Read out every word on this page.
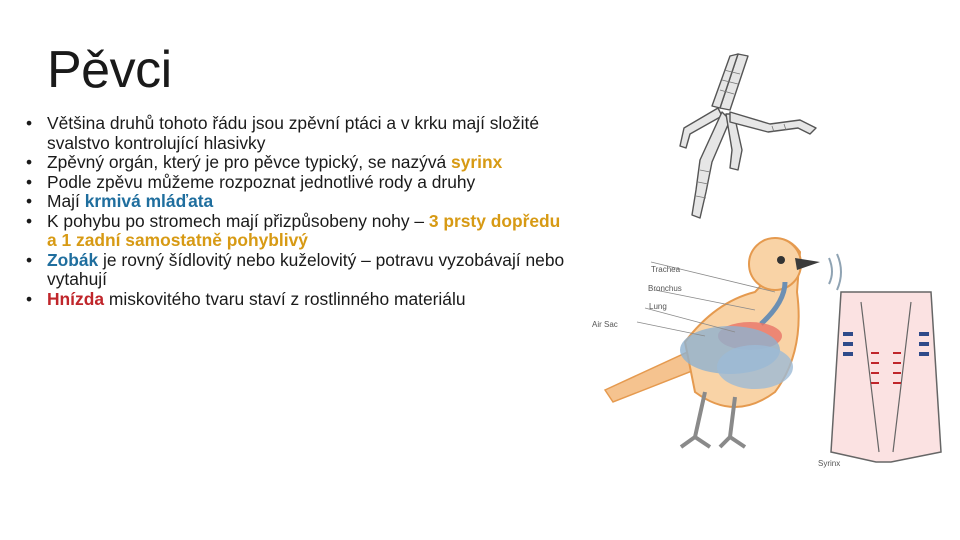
Pěvci
• Většina druhů tohoto řádu jsou zpěvní ptáci a v krku mají složité svalstvo kontrolující hlasivky
• Zpěvný orgán, který je pro pěvce typický, se nazývá syrinx
• Podle zpěvu můžeme rozpoznat jednotlivé rody a druhy
• Mají krmivá mláďata
• K pohybu po stromech mají přizpůsobeny nohy – 3 prsty dopředu a 1 zadní samostatně pohyblivý
• Zobák je rovný šídlovitý nebo kuželovitý – potravu vyzobávají nebo vytahují
• Hnízda miskovitého tvaru staví z rostlinného materiálu
Trachea
Bronchus
Lung
Air Sac
Syrinx
